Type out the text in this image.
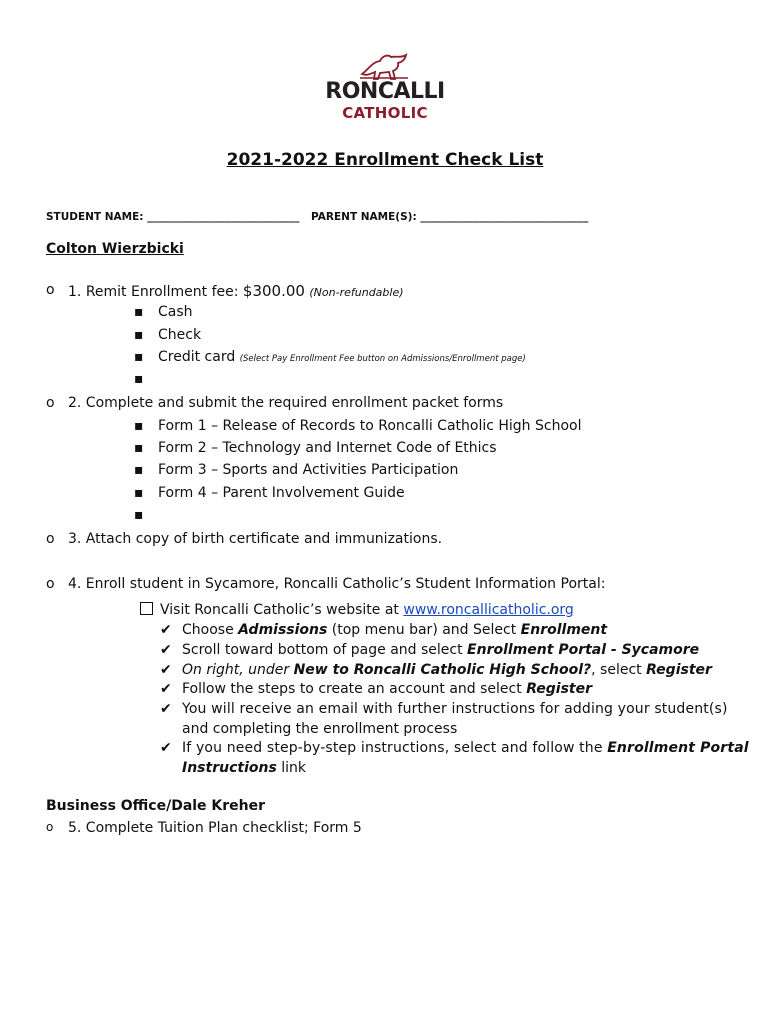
RONCALLI
CATHOLIC
2021-2022 Enrollment Check List
STUDENT NAME: _____________________________ PARENT NAME(S): ________________________________
Colton Wierzbicki
o 1. Remit Enrollment fee: $300.00 (Non-refundable)
▪ Cash
▪ Check
▪ Credit card (Select Pay Enrollment Fee button on Admissions/Enrollment page)
▪
o 2. Complete and submit the required enrollment packet forms
▪ Form 1 – Release of Records to Roncalli Catholic High School
▪ Form 2 – Technology and Internet Code of Ethics
▪ Form 3 – Sports and Activities Participation
▪ Form 4 – Parent Involvement Guide
▪
o 3. Attach copy of birth certificate and immunizations.
o 4. Enroll student in Sycamore, Roncalli Catholic’s Student Information Portal:
Visit Roncalli Catholic’s website at www.roncallicatholic.org
✔ Choose Admissions (top menu bar) and Select Enrollment
✔ Scroll toward bottom of page and select Enrollment Portal - Sycamore
✔ On right, under New to Roncalli Catholic High School?, select Register
✔ Follow the steps to create an account and select Register
✔ You will receive an email with further instructions for adding your student(s)
and completing the enrollment process
✔ If you need step-by-step instructions, select and follow the Enrollment Portal
Instructions link
Business Office/Dale Kreher
o 5. Complete Tuition Plan checklist; Form 5
